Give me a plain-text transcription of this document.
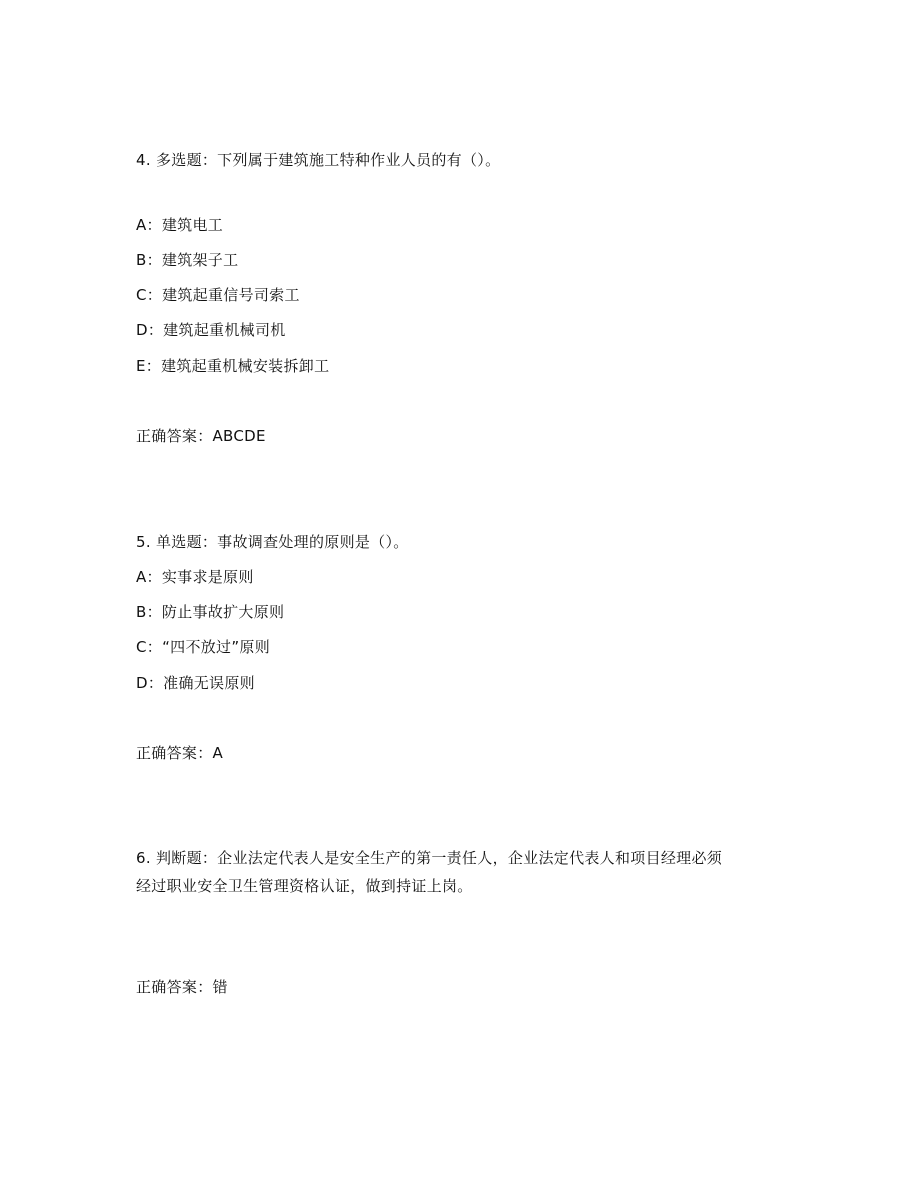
4. 多选题：下列属于建筑施工特种作业人员的有（）。
A：建筑电工
B：建筑架子工
C：建筑起重信号司索工
D：建筑起重机械司机
E：建筑起重机械安装拆卸工
正确答案：ABCDE
5. 单选题：事故调查处理的原则是（）。
A：实事求是原则
B：防止事故扩大原则
C：“四不放过”原则
D：准确无误原则
正确答案：A
6. 判断题：企业法定代表人是安全生产的第一责任人，企业法定代表人和项目经理必须
经过职业安全卫生管理资格认证，做到持证上岗。
正确答案：错
